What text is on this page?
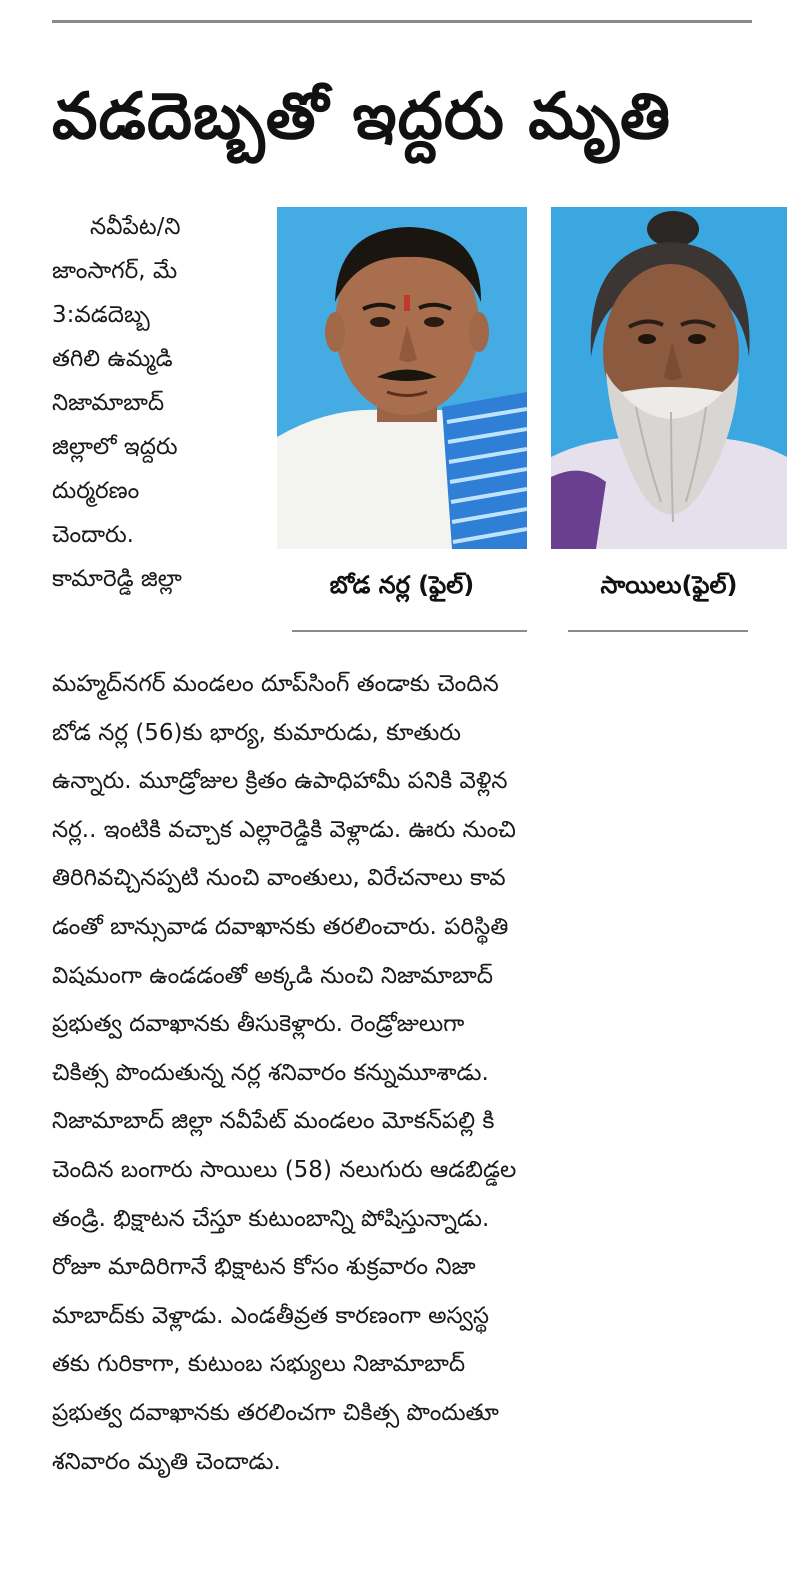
వడదెబ్బతో ఇద్దరు మృతి
నవీపేట/ని
జాంసాగర్, మే
3:వడదెబ్బ
తగిలి ఉమ్మడి
నిజామాబాద్
జిల్లాలో ఇద్దరు
దుర్మరణం
చెందారు.
కామారెడ్డి జిల్లా	బోడ నర్ల (ఫైల్)	సాయిలు(ఫైల్)
మహ్మద్‌నగర్ మండలం దూప్‌సింగ్ తండాకు చెందిన
బోడ నర్ల (56)కు భార్య, కుమారుడు, కూతురు
ఉన్నారు. మూడ్రోజుల క్రితం ఉపాధిహామీ పనికి వెళ్లిన
నర్ల.. ఇంటికి వచ్చాక ఎల్లారెడ్డికి వెళ్లాడు. ఊరు నుంచి
తిరిగివచ్చినప్పటి నుంచి వాంతులు, విరేచనాలు కావ
డంతో బాన్సువాడ దవాఖానకు తరలించారు. పరిస్థితి
విషమంగా ఉండడంతో అక్కడి నుంచి నిజామాబాద్
ప్రభుత్వ దవాఖానకు తీసుకెళ్లారు. రెండ్రోజులుగా
చికిత్స పొందుతున్న నర్ల శనివారం కన్నుమూశాడు.
నిజామాబాద్ జిల్లా నవీపేట్ మండలం మోకన్‌పల్లి కి
చెందిన బంగారు సాయిలు (58) నలుగురు ఆడబిడ్డల
తండ్రి. భిక్షాటన చేస్తూ కుటుంబాన్ని పోషిస్తున్నాడు.
రోజూ మాదిరిగానే భిక్షాటన కోసం శుక్రవారం నిజా
మాబాద్‌కు వెళ్లాడు. ఎండతీవ్రత కారణంగా అస్వస్థ
తకు గురికాగా, కుటుంబ సభ్యులు నిజామాబాద్
ప్రభుత్వ దవాఖానకు తరలించగా చికిత్స పొందుతూ
శనివారం మృతి చెందాడు.
